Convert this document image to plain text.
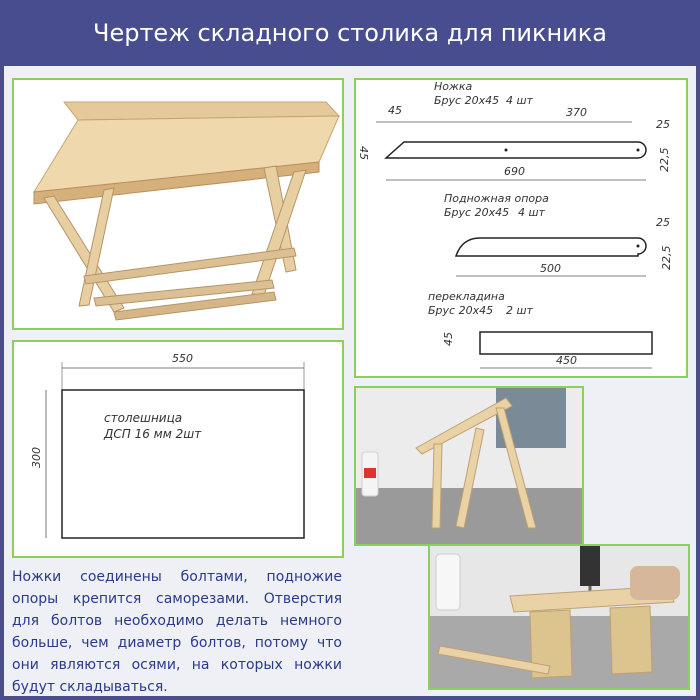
Чертеж складного столика для пикника
Ножка
Брус 20х45 4 шт
45	370
25
45
690	22,5
Подножная опора
Брус 20х45 4 шт
25
500	22,5
перекладина
Брус 20х45 2 шт
45
450
550
300
столешница
ДСП 16 мм 2шт
Ножки соединены болтами, подножие опоры крепится саморезами. Отверстия для болтов необходимо делать немного больше, чем диаметр болтов, потому что они являются осями, на которых ножки будут складываться.
